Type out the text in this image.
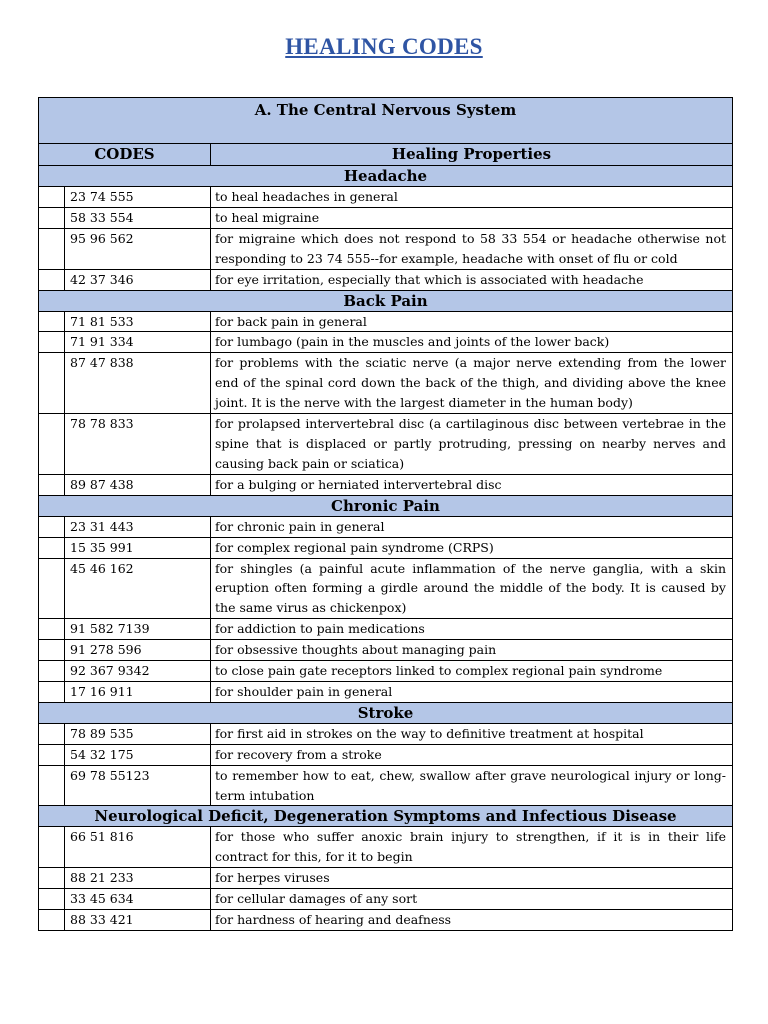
HEALING CODES
A. The Central Nervous System		
CODES		Healing Properties
Headache		
	23 74 555	to heal headaches in general
	58 33 554	to heal migraine
	95 96 562	for migraine which does not respond to 58 33 554 or headache otherwise not responding to 23 74 555--for example, headache with onset of flu or cold
	42 37 346	for eye irritation, especially that which is associated with headache
Back Pain		
	71 81 533	for back pain in general
	71 91 334	for lumbago (pain in the muscles and joints of the lower back)
	87 47 838	for problems with the sciatic nerve (a major nerve extending from the lower end of the spinal cord down the back of the thigh, and dividing above the knee joint. It is the nerve with the largest diameter in the human body)
	78 78 833	for prolapsed intervertebral disc (a cartilaginous disc between vertebrae in the spine that is displaced or partly protruding, pressing on nearby nerves and causing back pain or sciatica)
	89 87 438	for a bulging or herniated intervertebral disc
Chronic Pain		
	23 31 443	for chronic pain in general
	15 35 991	for complex regional pain syndrome (CRPS)
	45 46 162	for shingles (a painful acute inflammation of the nerve ganglia, with a skin eruption often forming a girdle around the middle of the body. It is caused by the same virus as chickenpox)
	91 582 7139	for addiction to pain medications
	91 278 596	for obsessive thoughts about managing pain
	92 367 9342	to close pain gate receptors linked to complex regional pain syndrome
	17 16 911	for shoulder pain in general
Stroke		
	78 89 535	for first aid in strokes on the way to definitive treatment at hospital
	54 32 175	for recovery from a stroke
	69 78 55123	to remember how to eat, chew, swallow after grave neurological injury or long-term intubation
Neurological Deficit, Degeneration Symptoms and Infectious Disease		
	66 51 816	for those who suffer anoxic brain injury to strengthen, if it is in their life contract for this, for it to begin
	88 21 233	for herpes viruses
	33 45 634	for cellular damages of any sort
	88 33 421	for hardness of hearing and deafness
